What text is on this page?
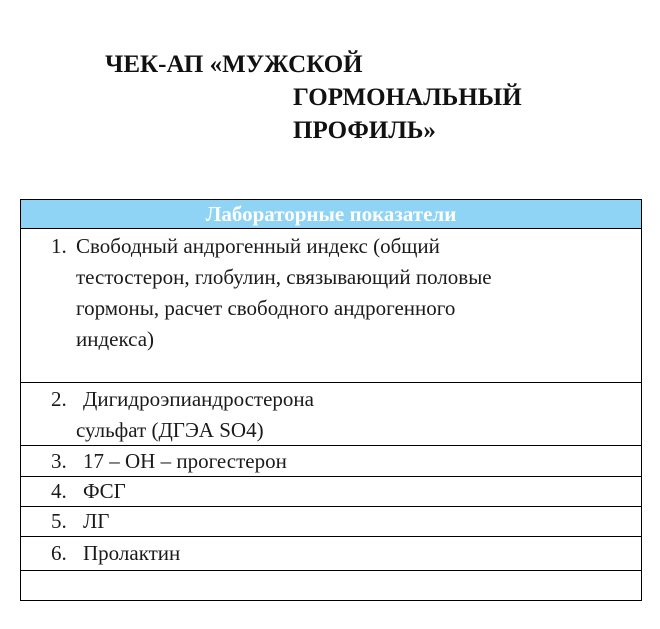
ЧЕК-АП «МУЖСКОЙ
ГОРМОНАЛЬНЫЙ
ПРОФИЛЬ»
Лабораторные показатели
1. Свободный андрогенный индекс (общий
тестостерон, глобулин, связывающий половые
гормоны, расчет свободного андрогенного
индекса)
2. Дигидроэпиандростерона
сульфат (ДГЭА SO4)
3. 17 – ОН – прогестерон
4. ФСГ
5. ЛГ
6. Пролактин
